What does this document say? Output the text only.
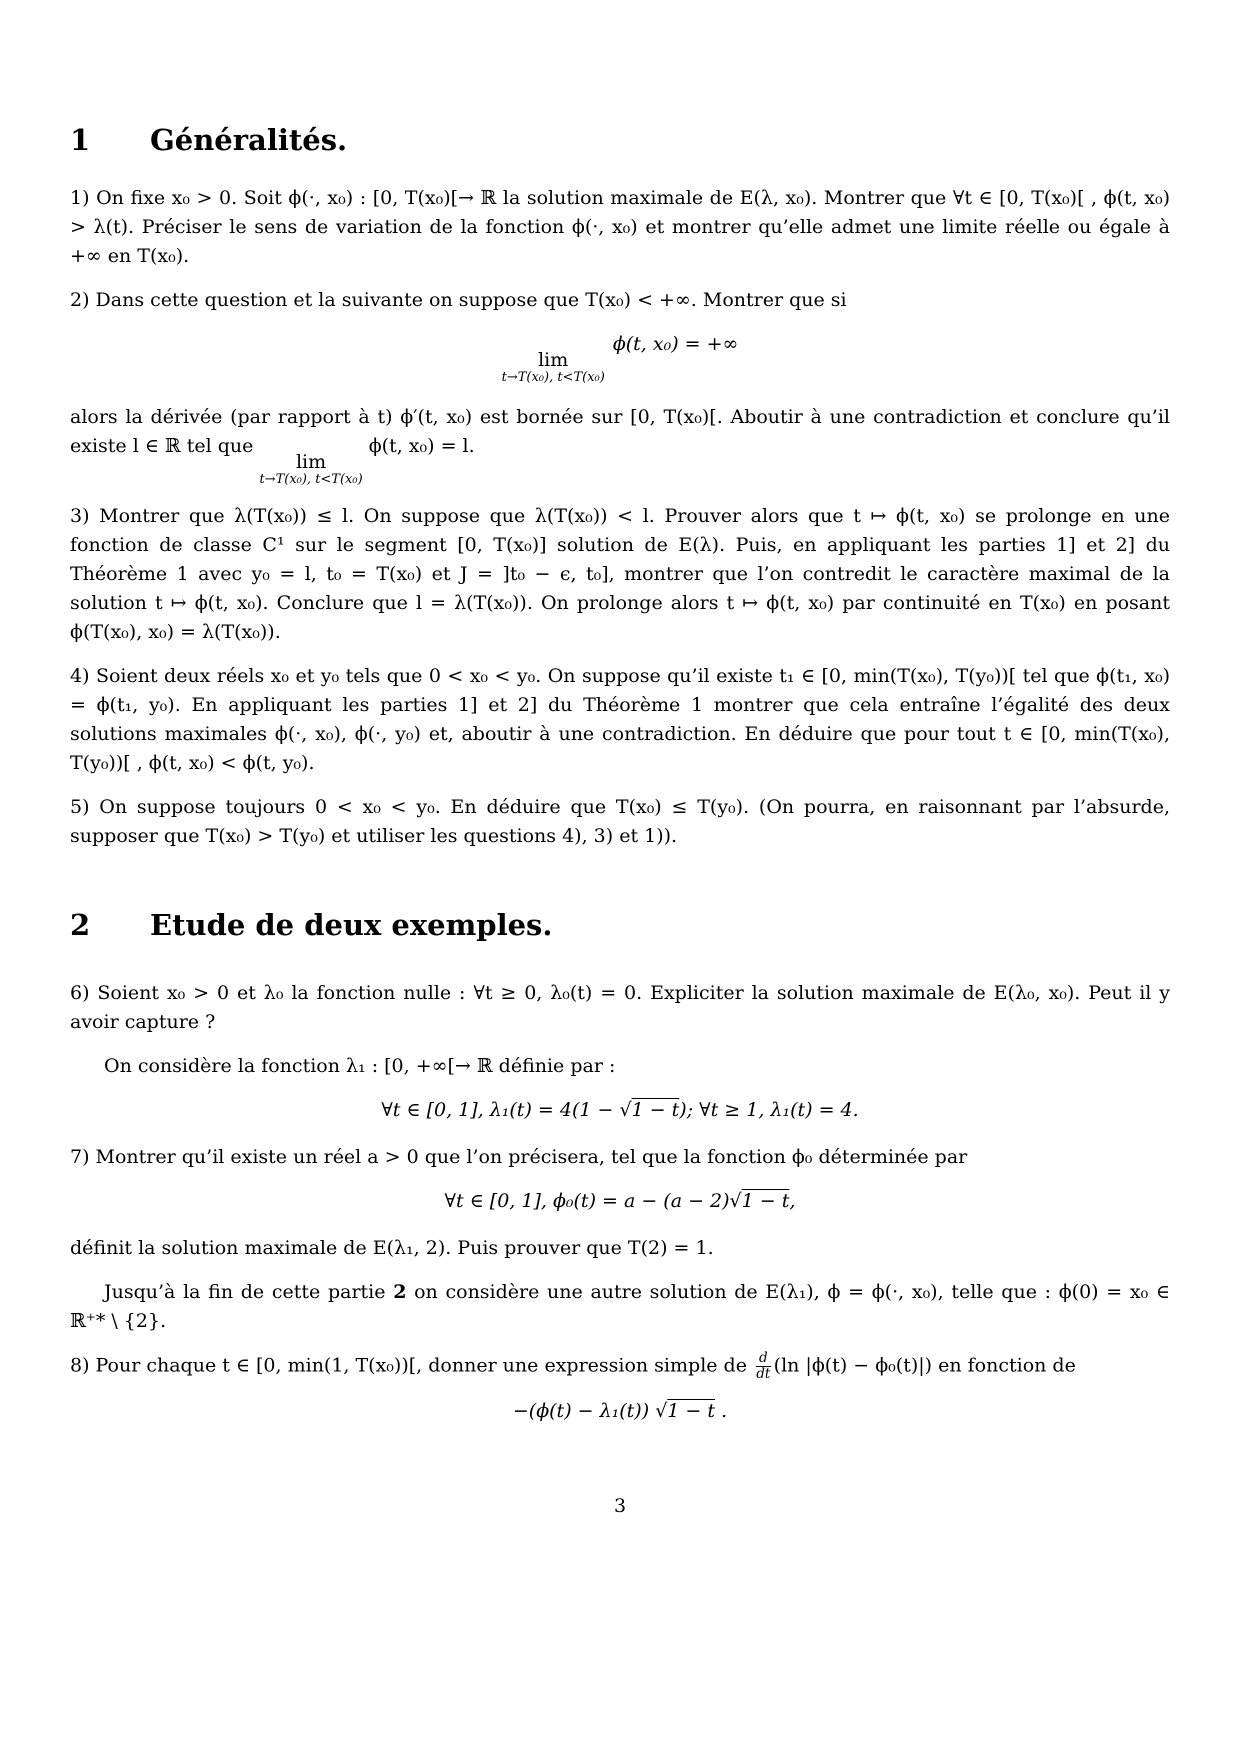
1	Généralités.

1) On fixe x₀ > 0. Soit ϕ(·, x₀) : [0, T(x₀)[→ ℝ la solution maximale de E(λ, x₀). Montrer que ∀t ∈ [0, T(x₀)[ , ϕ(t, x₀) > λ(t). Préciser le sens de variation de la fonction ϕ(·, x₀) et montrer qu’elle admet une limite réelle ou égale à +∞ en T(x₀).

2) Dans cette question et la suivante on suppose que T(x₀) < +∞. Montrer que si

lim
t→T(x₀), t<T(x₀)
ϕ(t, x₀) = +∞

alors la dérivée (par rapport à t) ϕ′(t, x₀) est bornée sur [0, T(x₀)[. Aboutir à une contradiction et conclure qu’il existe l ∈ ℝ tel que
lim
t→T(x₀), t<T(x₀)
ϕ(t, x₀) = l.

3) Montrer que λ(T(x₀)) ≤ l. On suppose que λ(T(x₀)) < l. Prouver alors que t ↦ ϕ(t, x₀) se prolonge en une fonction de classe C¹ sur le segment [0, T(x₀)] solution de E(λ). Puis, en appliquant les parties 1] et 2] du Théorème 1 avec y₀ = l, t₀ = T(x₀) et J = ]t₀ − ϵ, t₀], montrer que l’on contredit le caractère maximal de la solution t ↦ ϕ(t, x₀). Conclure que l = λ(T(x₀)). On prolonge alors t ↦ ϕ(t, x₀) par continuité en T(x₀) en posant ϕ(T(x₀), x₀) = λ(T(x₀)).

4) Soient deux réels x₀ et y₀ tels que 0 < x₀ < y₀. On suppose qu’il existe t₁ ∈ [0, min(T(x₀), T(y₀))[ tel que ϕ(t₁, x₀) = ϕ(t₁, y₀). En appliquant les parties 1] et 2] du Théorème 1 montrer que cela entraîne l’égalité des deux solutions maximales ϕ(·, x₀), ϕ(·, y₀) et, aboutir à une contradiction. En déduire que pour tout t ∈ [0, min(T(x₀), T(y₀))[ , ϕ(t, x₀) < ϕ(t, y₀).

5) On suppose toujours 0 < x₀ < y₀. En déduire que T(x₀) ≤ T(y₀). (On pourra, en raisonnant par l’absurde, supposer que T(x₀) > T(y₀) et utiliser les questions 4), 3) et 1)).

2	Etude de deux exemples.

6) Soient x₀ > 0 et λ₀ la fonction nulle : ∀t ≥ 0, λ₀(t) = 0. Expliciter la solution maximale de E(λ₀, x₀). Peut il y avoir capture ?

On considère la fonction λ₁ : [0, +∞[→ ℝ définie par :

∀t ∈ [0, 1], λ₁(t) = 4(1 − √1 − t); ∀t ≥ 1, λ₁(t) = 4.

7) Montrer qu’il existe un réel a > 0 que l’on précisera, tel que la fonction ϕ₀ déterminée par

∀t ∈ [0, 1], ϕ₀(t) = a − (a − 2)√1 − t,

définit la solution maximale de E(λ₁, 2). Puis prouver que T(2) = 1.

Jusqu’à la fin de cette partie 2 on considère une autre solution de E(λ₁), ϕ = ϕ(·, x₀), telle que : ϕ(0) = x₀ ∈ ℝ⁺* \ {2}.

8) Pour chaque t ∈ [0, min(1, T(x₀))[, donner une expression simple de $\frac{d}{dt} (\ln$ |ϕ(t) − ϕ₀(t)|) en fonction de

−(ϕ(t) − λ₁(t)) √1 − t .
3
